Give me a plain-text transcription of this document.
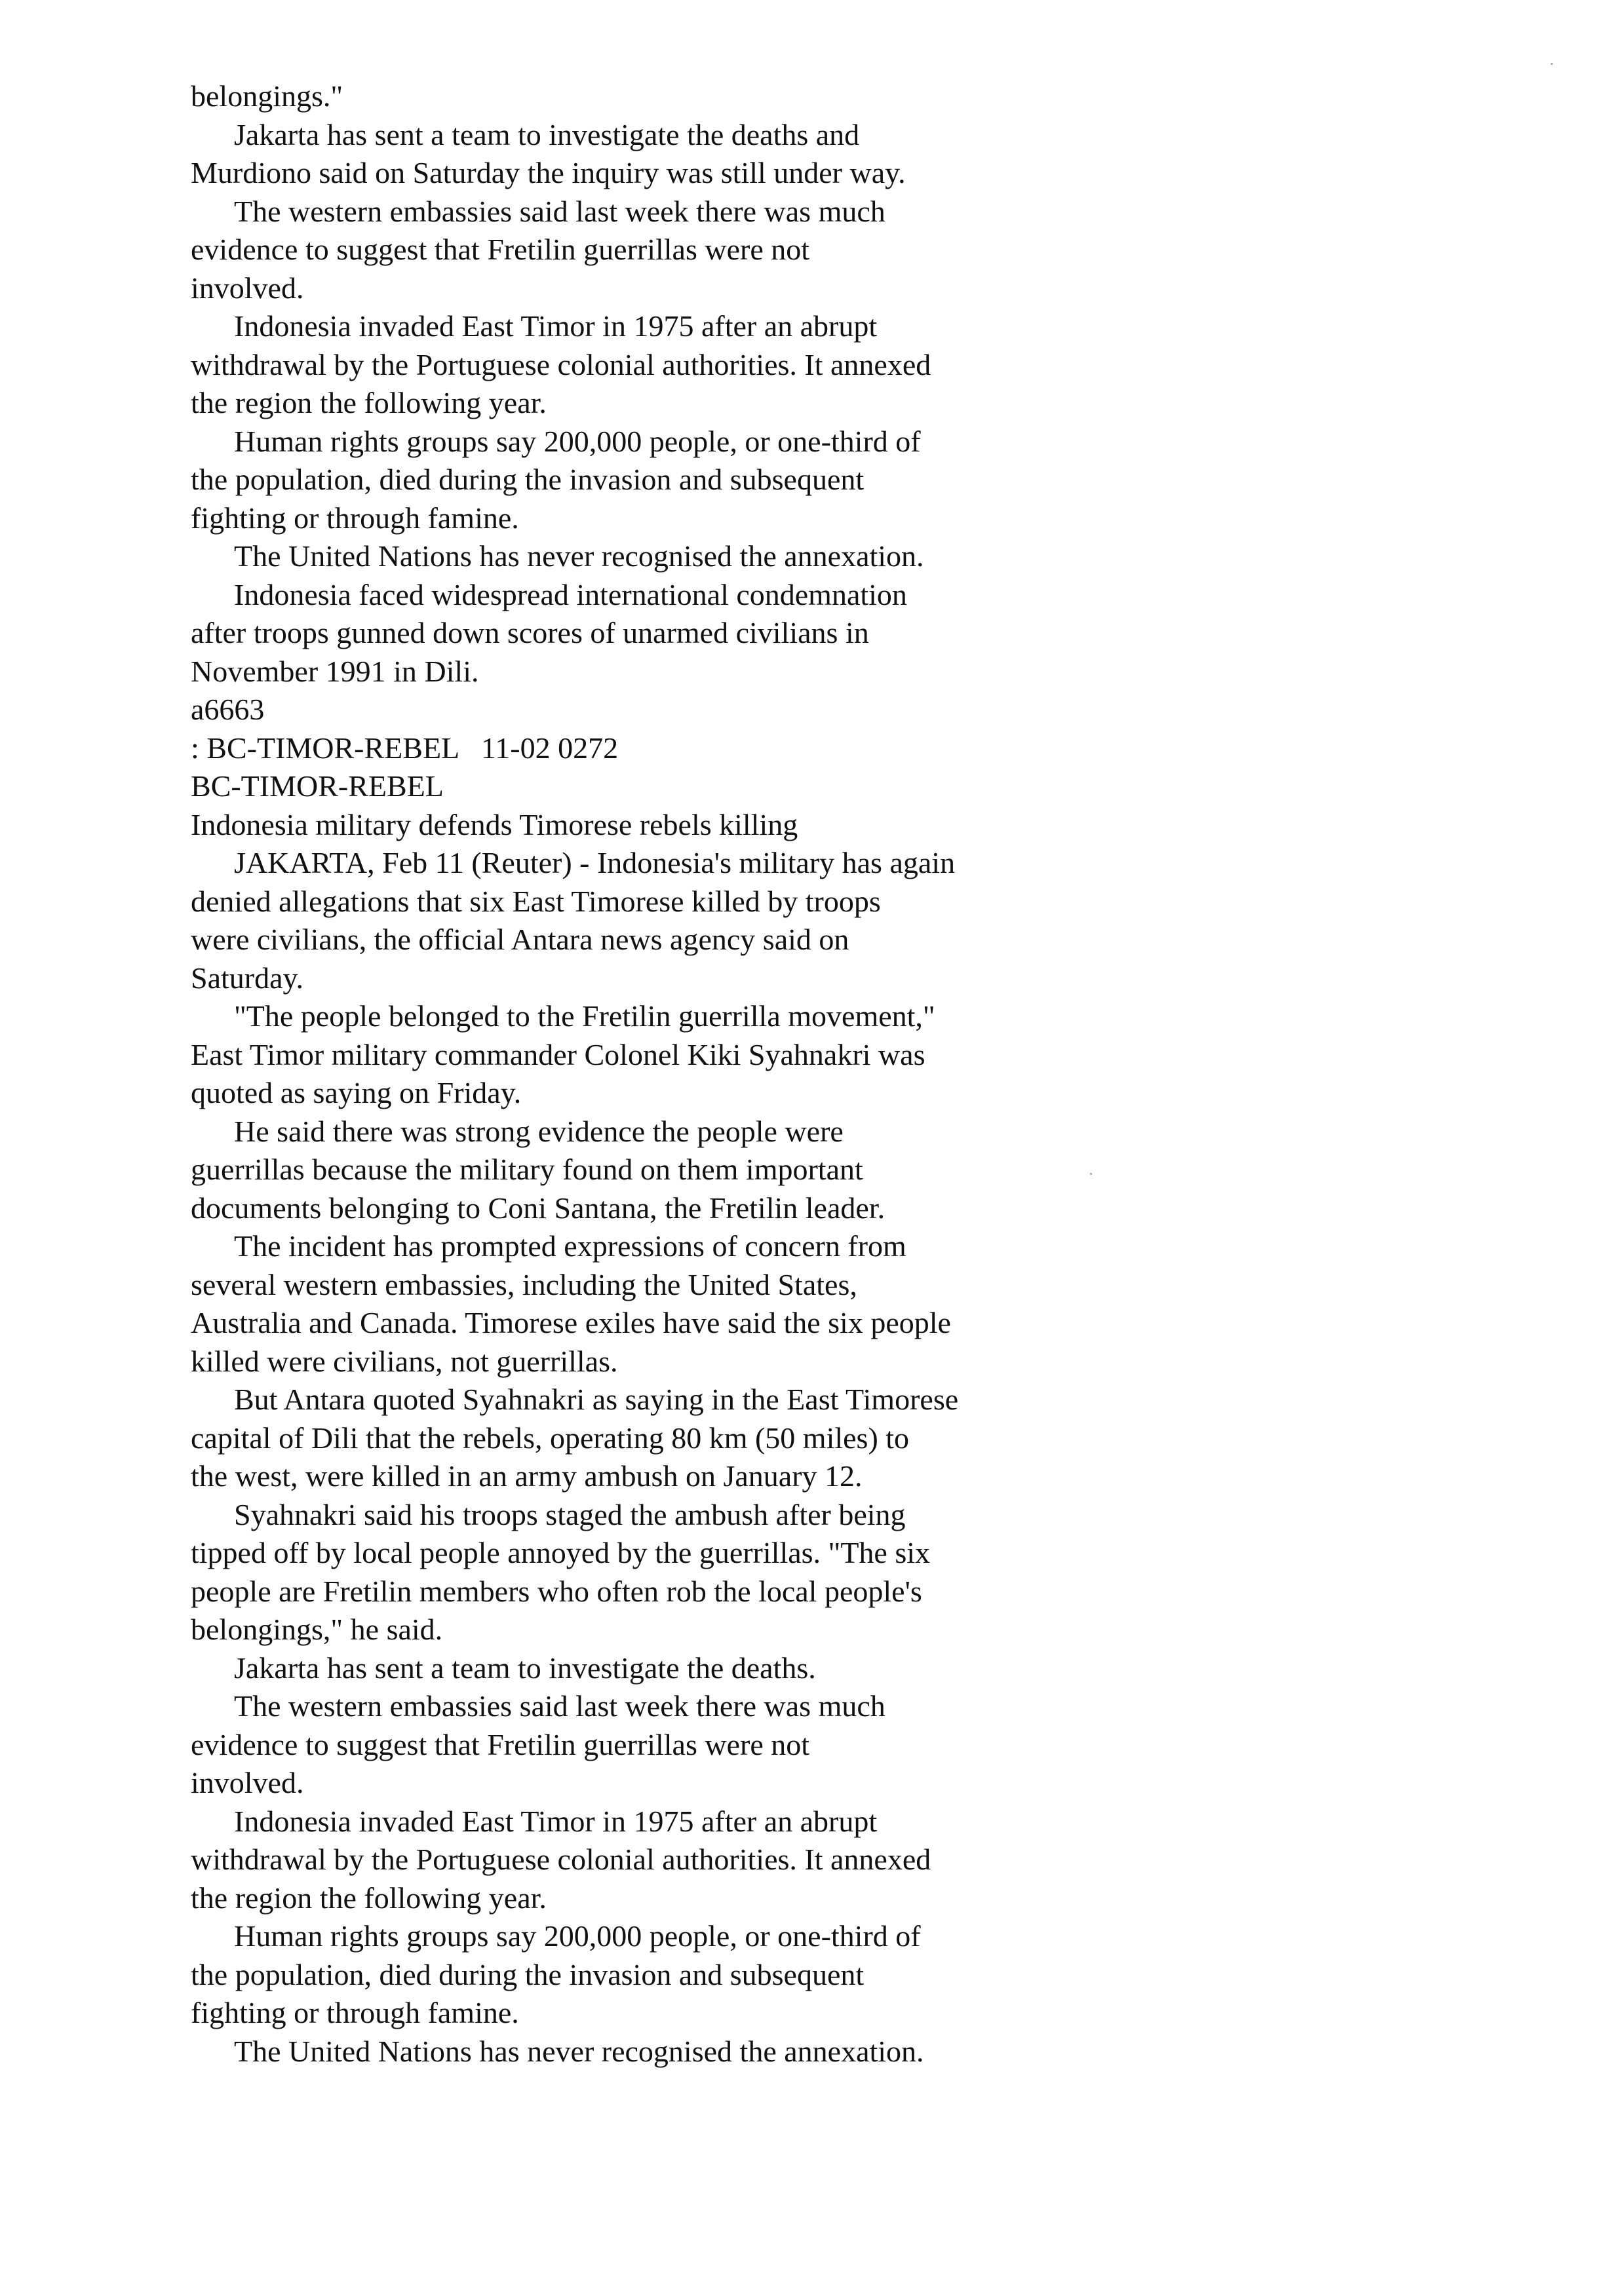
belongings."
Jakarta has sent a team to investigate the deaths and
Murdiono said on Saturday the inquiry was still under way.
The western embassies said last week there was much
evidence to suggest that Fretilin guerrillas were not
involved.
Indonesia invaded East Timor in 1975 after an abrupt
withdrawal by the Portuguese colonial authorities. It annexed
the region the following year.
Human rights groups say 200,000 people, or one-third of
the population, died during the invasion and subsequent
fighting or through famine.
The United Nations has never recognised the annexation.
Indonesia faced widespread international condemnation
after troops gunned down scores of unarmed civilians in
November 1991 in Dili.
a6663
: BC-TIMOR-REBEL   11-02 0272
BC-TIMOR-REBEL
Indonesia military defends Timorese rebels killing
JAKARTA, Feb 11 (Reuter) - Indonesia's military has again
denied allegations that six East Timorese killed by troops
were civilians, the official Antara news agency said on
Saturday.
"The people belonged to the Fretilin guerrilla movement,"
East Timor military commander Colonel Kiki Syahnakri was
quoted as saying on Friday.
He said there was strong evidence the people were
guerrillas because the military found on them important
documents belonging to Coni Santana, the Fretilin leader.
The incident has prompted expressions of concern from
several western embassies, including the United States,
Australia and Canada. Timorese exiles have said the six people
killed were civilians, not guerrillas.
But Antara quoted Syahnakri as saying in the East Timorese
capital of Dili that the rebels, operating 80 km (50 miles) to
the west, were killed in an army ambush on January 12.
Syahnakri said his troops staged the ambush after being
tipped off by local people annoyed by the guerrillas. "The six
people are Fretilin members who often rob the local people's
belongings," he said.
Jakarta has sent a team to investigate the deaths.
The western embassies said last week there was much
evidence to suggest that Fretilin guerrillas were not
involved.
Indonesia invaded East Timor in 1975 after an abrupt
withdrawal by the Portuguese colonial authorities. It annexed
the region the following year.
Human rights groups say 200,000 people, or one-third of
the population, died during the invasion and subsequent
fighting or through famine.
The United Nations has never recognised the annexation.
